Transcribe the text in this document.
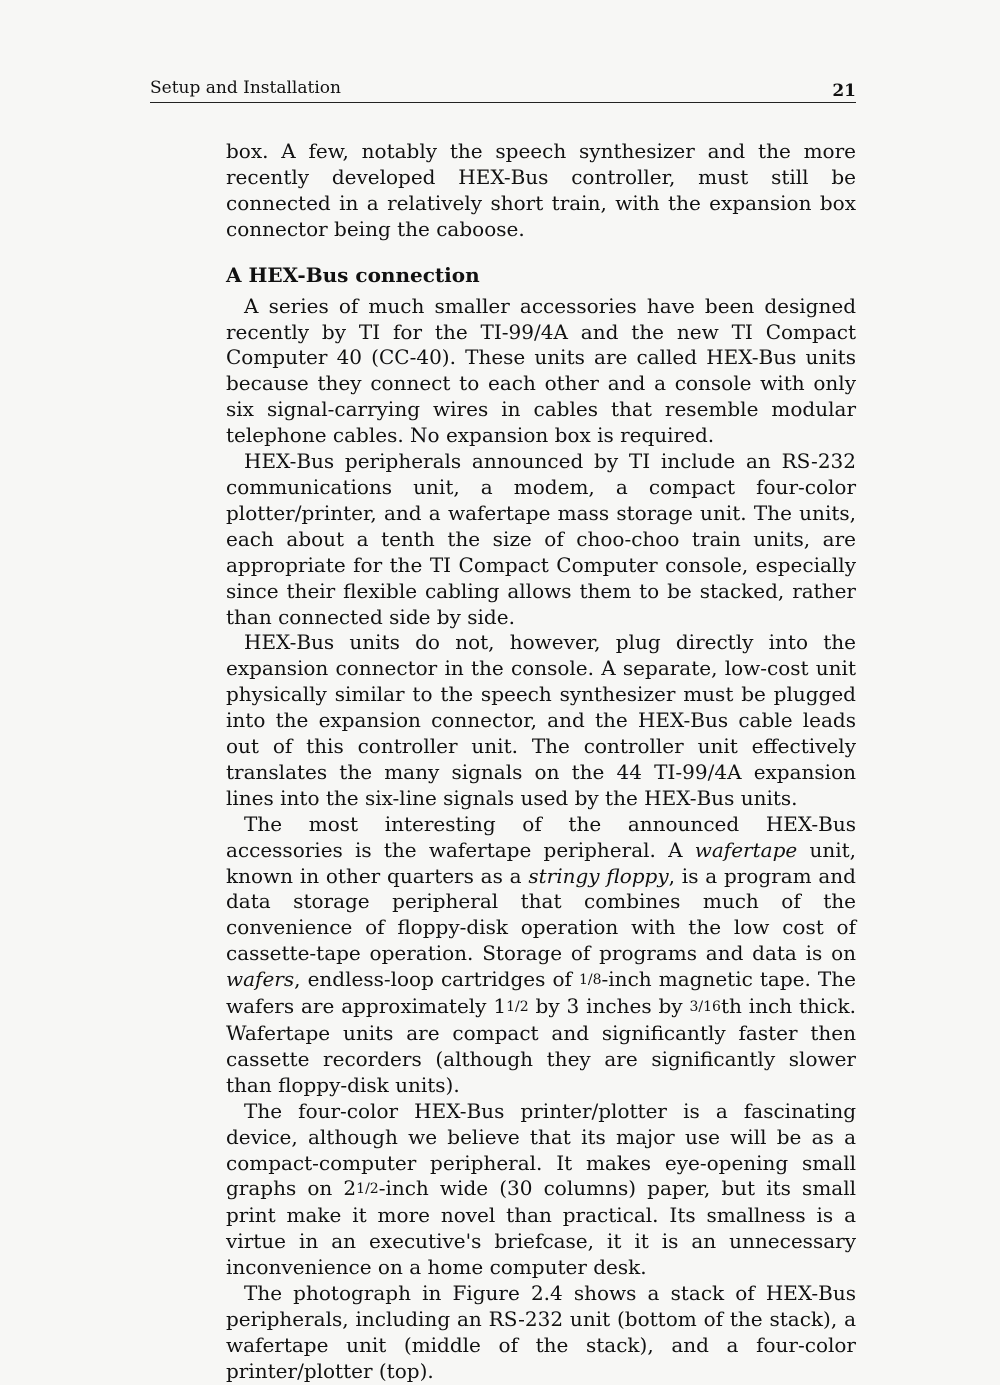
Setup and Installation	21

box. A few, notably the speech synthesizer and the more recently developed HEX-Bus controller, must still be connected in a relatively short train, with the expansion box connector being the caboose.

A HEX-Bus connection

A series of much smaller accessories have been designed recently by TI for the TI-99/4A and the new TI Compact Computer 40 (CC-40). These units are called HEX-Bus units because they connect to each other and a console with only six signal-carrying wires in cables that resemble modular telephone cables. No expansion box is required.

HEX-Bus peripherals announced by TI include an RS-232 communications unit, a modem, a compact four-color plotter/printer, and a wafertape mass storage unit. The units, each about a tenth the size of choo-choo train units, are appropriate for the TI Compact Computer console, especially since their flexible cabling allows them to be stacked, rather than connected side by side.

HEX-Bus units do not, however, plug directly into the expansion connector in the console. A separate, low-cost unit physically similar to the speech synthesizer must be plugged into the expansion connector, and the HEX-Bus cable leads out of this controller unit. The controller unit effectively translates the many signals on the 44 TI-99/4A expansion lines into the six-line signals used by the HEX-Bus units.

The most interesting of the announced HEX-Bus accessories is the wafertape peripheral. A wafertape unit, known in other quarters as a stringy floppy, is a program and data storage peripheral that combines much of the convenience of floppy-disk operation with the low cost of cassette-tape operation. Storage of programs and data is on wafers, endless-loop cartridges of 1/8-inch magnetic tape. The wafers are approximately 11/2 by 3 inches by 3/16th inch thick. Wafertape units are compact and significantly faster then cassette recorders (although they are significantly slower than floppy-disk units).

The four-color HEX-Bus printer/plotter is a fascinating device, although we believe that its major use will be as a compact-computer peripheral. It makes eye-opening small graphs on 21/2-inch wide (30 columns) paper, but its small print make it more novel than practical. Its smallness is a virtue in an executive's briefcase, it it is an unnecessary inconvenience on a home computer desk.

The photograph in Figure 2.4 shows a stack of HEX-Bus peripherals, including an RS-232 unit (bottom of the stack), a wafertape unit (middle of the stack), and a four-color printer/plotter (top).
